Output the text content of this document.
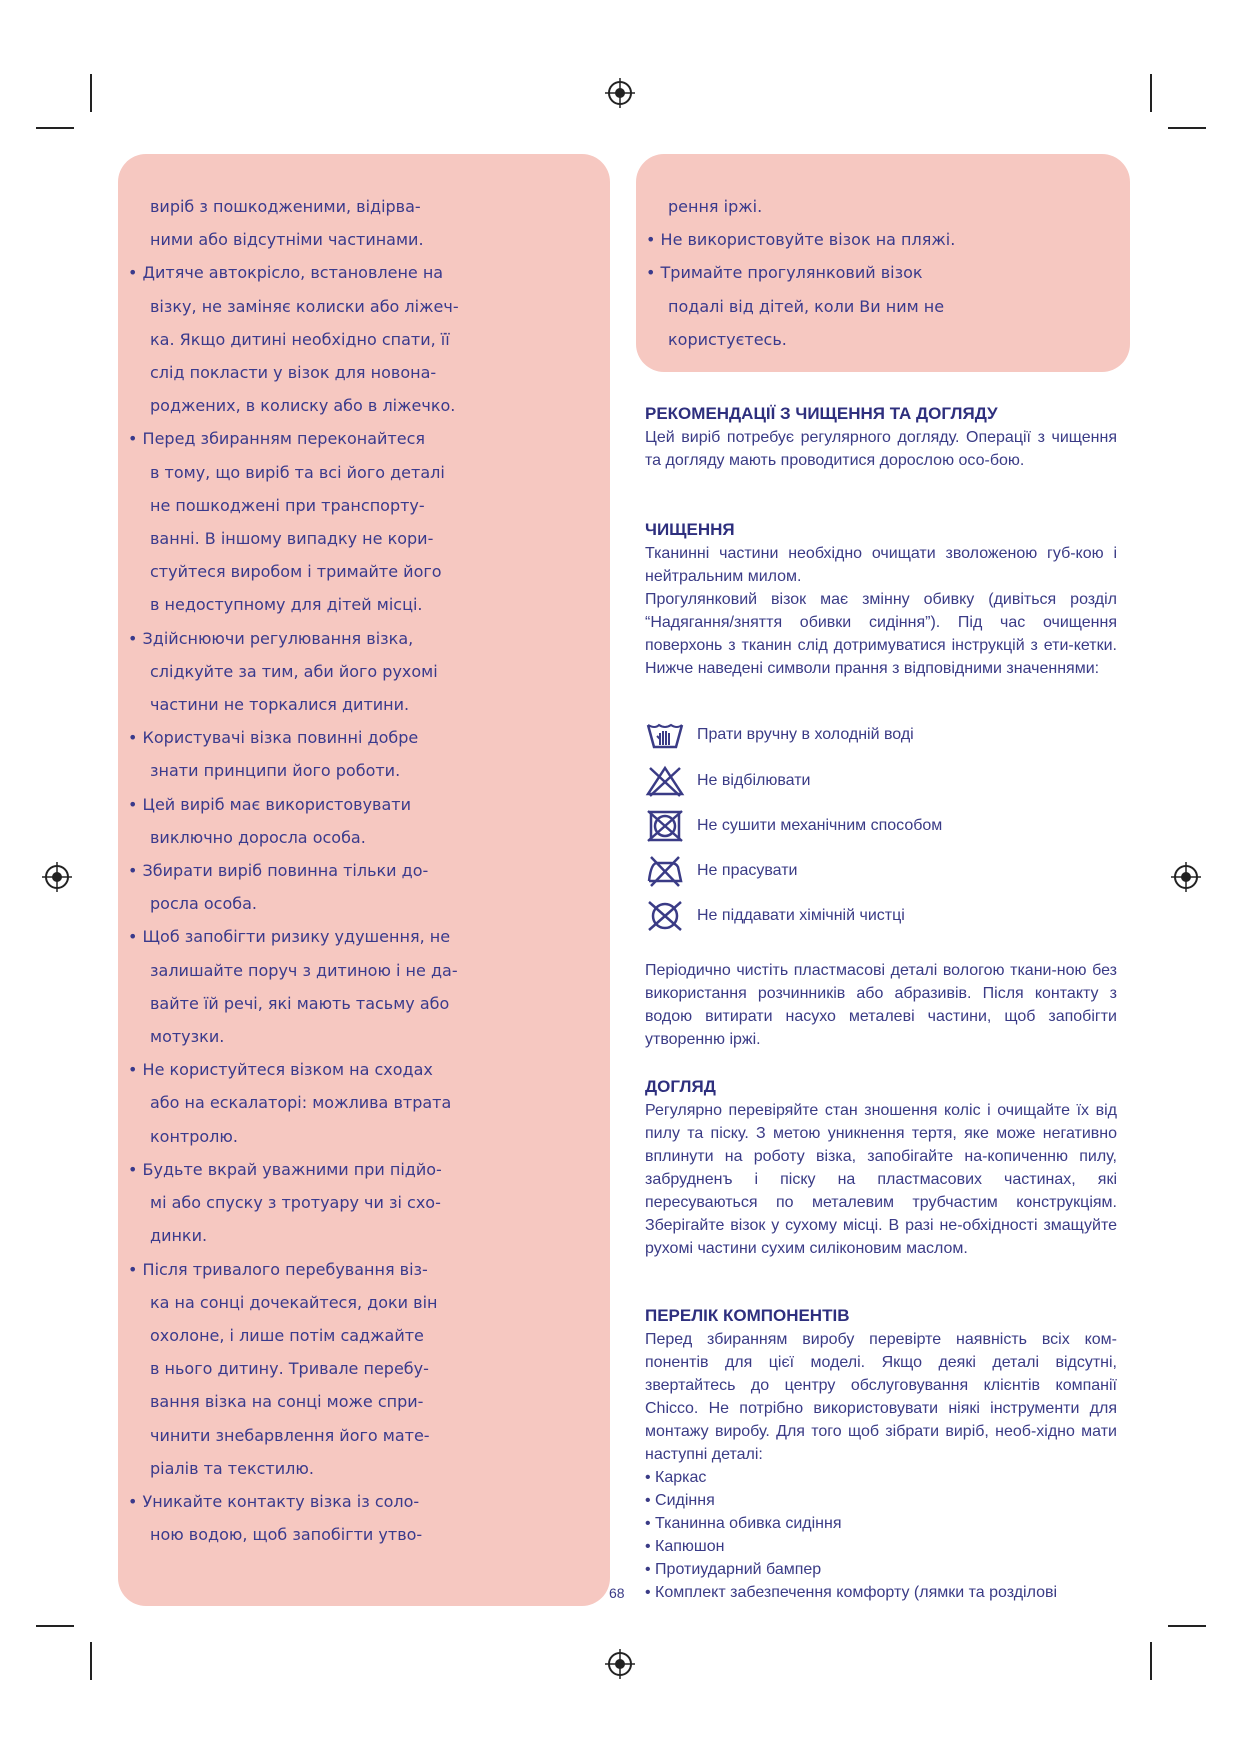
виріб з пошкодженими, відірва-
ними або відсутніми частинами.
• Дитяче автокрісло, встановлене на
візку, не заміняє колиски або ліжеч-
ка. Якщо дитині необхідно спати, її
слід покласти у візок для новона-
роджених, в колиску або в ліжечко.
• Перед збиранням переконайтеся
в тому, що виріб та всі його деталі
не пошкоджені при транспорту-
ванні. В іншому випадку не кори-
стуйтеся виробом і тримайте його
в недоступному для дітей місці.
• Здійснюючи регулювання візка,
слідкуйте за тим, аби його рухомі
частини не торкалися дитини.
• Користувачі візка повинні добре
знати принципи його роботи.
• Цей виріб має використовувати
виключно доросла особа.
• Збирати виріб повинна тільки до-
росла особа.
• Щоб запобігти ризику удушення, не
залишайте поруч з дитиною і не да-
вайте їй речі, які мають тасьму або
мотузки.
• Не користуйтеся візком на сходах
або на ескалаторі: можлива втрата
контролю.
• Будьте вкрай уважними при підйо-
мі або спуску з тротуару чи зі схо-
динки.
• Після тривалого перебування віз-
ка на сонці дочекайтеся, доки він
охолоне, і лише потім саджайте
в нього дитину. Тривале перебу-
вання візка на сонці може спри-
чинити знебарвлення його мате-
ріалів та текстилю.
• Уникайте контакту візка із соло-
ною водою, щоб запобігти утво-
рення іржі.
• Не використовуйте візок на пляжі.
• Тримайте прогулянковий візок
подалі від дітей, коли Ви ним не
користуєтесь.
РЕКОМЕНДАЦІЇ З ЧИЩЕННЯ ТА ДОГЛЯДУ
Цей виріб потребує регулярного догляду. Операції з чищення та догляду мають проводитися дорослою осо-бою.
ЧИЩЕННЯ
Тканинні частини необхідно очищати зволоженою губ-кою і нейтральним милом.
Прогулянковий візок має змінну обивку (дивіться розділ “Надягання/зняття обивки сидіння”). Під час очищення поверхонь з тканин слід дотримуватися інструкцій з ети-кетки. Нижче наведені символи прання з відповідними значеннями:
Прати вручну в холодній воді
Не відбілювати
Не сушити механічним способом
Не прасувати
Не піддавати хімічній чистці
Періодично чистіть пластмасові деталі вологою ткани-ною без використання розчинників або абразивів. Після контакту з водою витирати насухо металеві частини, щоб запобігти утворенню іржі.
ДОГЛЯД
Регулярно перевіряйте стан зношення коліс і очищайте їх від пилу та піску. З метою уникнення тертя, яке може негативно вплинути на роботу візка, запобігайте на-копиченню пилу, забрудненъ і піску на пластмасових частинах, які пересуваються по металевим трубчастим конструкціям. Зберігайте візок у сухому місці. В разі не-обхідності змащуйте рухомі частини сухим силіконовим маслом.
ПЕРЕЛІК КОМПОНЕНТІВ
Перед збиранням виробу перевірте наявність всіх ком-понентів для цієї моделі. Якщо деякі деталі відсутні, звертайтесь до центру обслуговування клієнтів компанії Chicco. Не потрібно використовувати ніякі інструменти для монтажу виробу. Для того щоб зібрати виріб, необ-хідно мати наступні деталі:
• Каркас
• Сидіння
• Тканинна обивка сидіння
• Капюшон
• Протиударний бампер
• Комплект забезпечення комфорту (лямки та розділові
68
